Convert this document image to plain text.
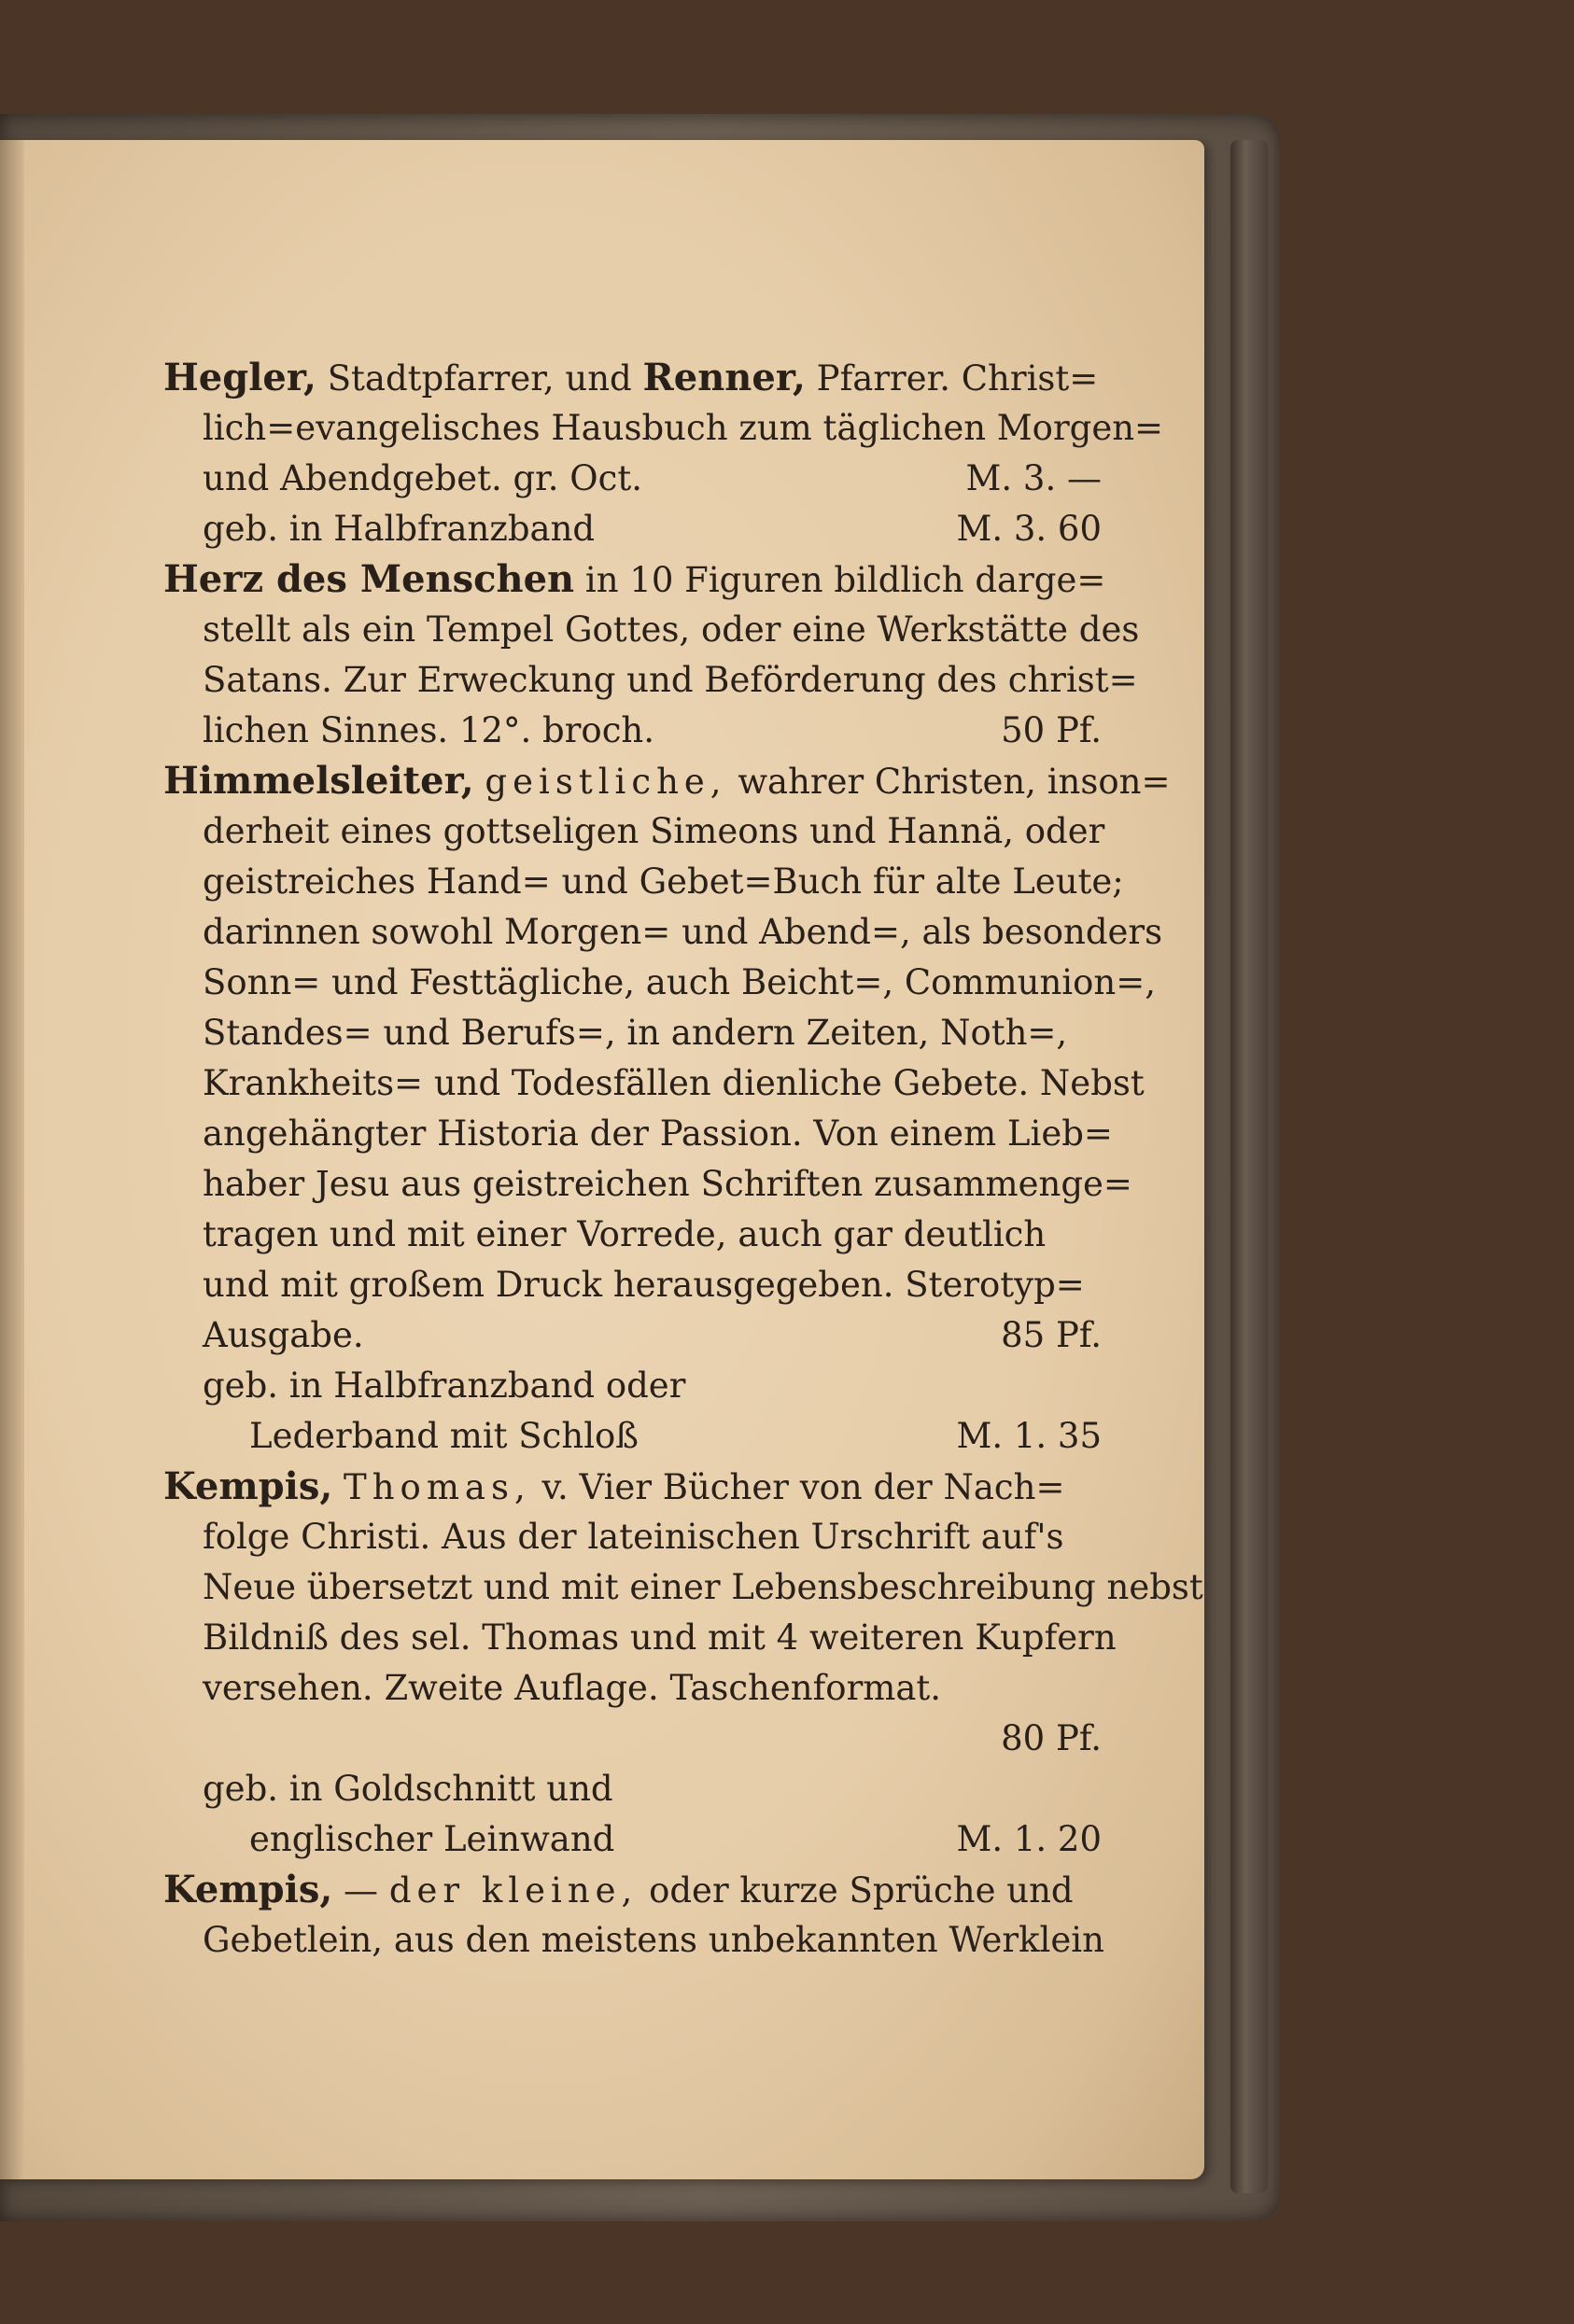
Hegler, Stadtpfarrer, und Renner, Pfarrer. Christ=
lich=evangelisches Hausbuch zum täglichen Morgen=
und Abendgebet. gr. Oct.	M. 3. —
geb. in Halbfranzband	M. 3. 60
Herz des Menschen in 10 Figuren bildlich darge=
stellt als ein Tempel Gottes, oder eine Werkstätte des
Satans. Zur Erweckung und Beförderung des christ=
lichen Sinnes. 12°. broch.	50 Pf.
Himmelsleiter, geistliche, wahrer Christen, inson=
derheit eines gottseligen Simeons und Hannä, oder
geistreiches Hand= und Gebet=Buch für alte Leute;
darinnen sowohl Morgen= und Abend=, als besonders
Sonn= und Festtägliche, auch Beicht=, Communion=,
Standes= und Berufs=, in andern Zeiten, Noth=,
Krankheits= und Todesfällen dienliche Gebete. Nebst
angehängter Historia der Passion. Von einem Lieb=
haber Jesu aus geistreichen Schriften zusammenge=
tragen und mit einer Vorrede, auch gar deutlich
und mit großem Druck herausgegeben. Sterotyp=
Ausgabe.	85 Pf.
geb. in Halbfranzband oder
Lederband mit Schloß	M. 1. 35
Kempis, Thomas, v. Vier Bücher von der Nach=
folge Christi. Aus der lateinischen Urschrift auf's
Neue übersetzt und mit einer Lebensbeschreibung nebst
Bildniß des sel. Thomas und mit 4 weiteren Kupfern
versehen. Zweite Auflage. Taschenformat.
80 Pf.
geb. in Goldschnitt und
englischer Leinwand	M. 1. 20
Kempis, — der kleine, oder kurze Sprüche und
Gebetlein, aus den meistens unbekannten Werklein
